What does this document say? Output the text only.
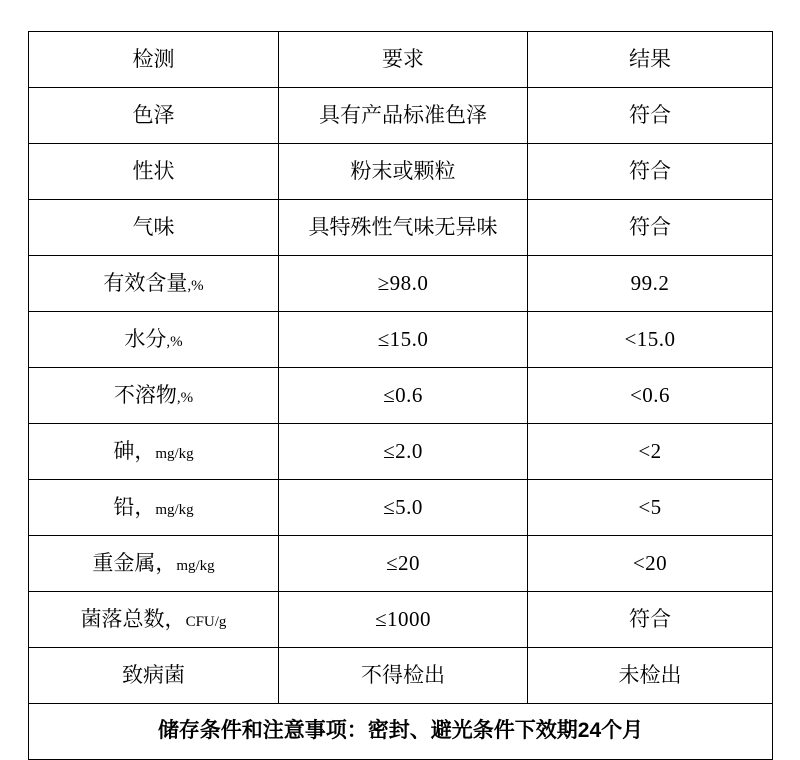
检测	要求	结果

色泽	具有产品标准色泽	符合

性状	粉末或颗粒	符合

气味	具特殊性气味无异味	符合

有效含量 ,%	≥98.0	99.2

水分 ,%	≤15.0	<15.0

不溶物 ,%	≤0.6	<0.6

砷， mg/kg	≤2.0	<2

铅， mg/kg	≤5.0	<5

重金属， mg/kg	≤20	<20

菌落总数， CFU/g	≤1000	符合

致病菌	不得检出	未检出
储存条件和注意事项：密封、避光条件下效期24个月		
